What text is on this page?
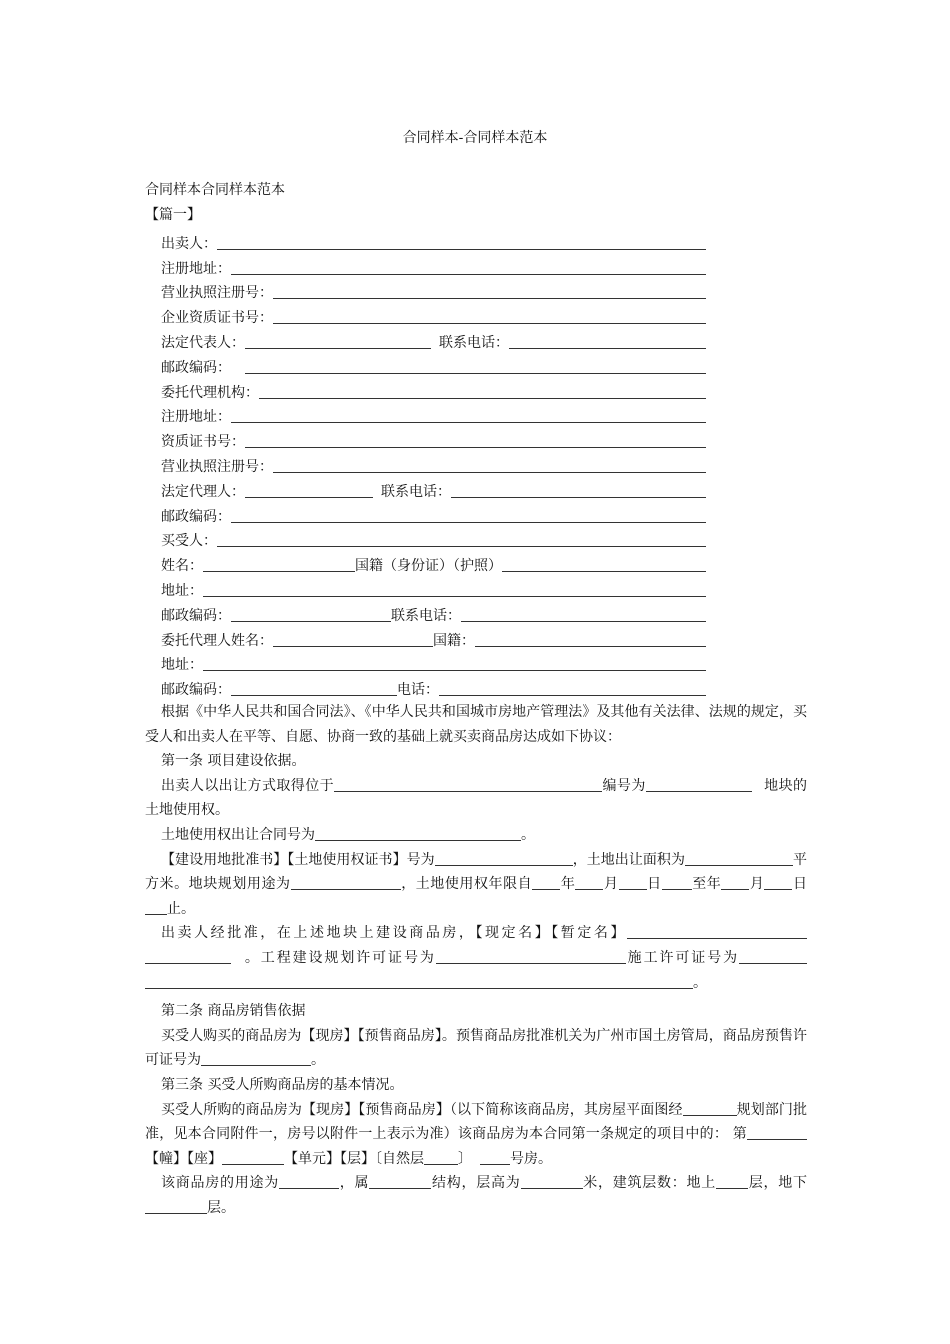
合同样本-合同样本范本
合同样本合同样本范本
【篇一】
出卖人：
注册地址：
营业执照注册号：
企业资质证书号：
法定代表人：	联系电话：
邮政编码：
委托代理机构：
注册地址：
资质证书号：
营业执照注册号：
法定代理人：	联系电话：
邮政编码：
买受人：
姓名：	国籍（身份证）（护照）
地址：
邮政编码：	联系电话：
委托代理人姓名：	国籍：
地址：
邮政编码：	电话：
根据《中华人民共和国合同法》、《中华人民共和国城市房地产管理法》及其他有关法律、法规的规定，买受人和出卖人在平等、自愿、协商一致的基础上就买卖商品房达成如下协议：
第一条 项目建设依据。
出卖人以出让方式取得位于	编号为	地块的土地使用权。
土地使用权出让合同号为	。
【建设用地批准书】【土地使用权证书】号为	，土地出让面积为	平方米。地块规划用途为	，土地使用权年限自 年 月 日 至年 月 日止。
出卖人经批准，在上述地块上建设商品房，【现定名】【暂定名】。工程建设规划许可证号为	施工许可证号为。
第二条 商品房销售依据
买受人购买的商品房为【现房】【预售商品房】。预售商品房批准机关为广州市国土房管局，商品房预售许可证号为	。
第三条 买受人所购商品房的基本情况。
买受人所购的商品房为【现房】【预售商品房】（以下简称该商品房，其房屋平面图经	规划部门批准，见本合同附件一，房号以附件一上表示为准）该商品房为本合同第一条规定的项目中的： 第【幢】【座】	【单元】【层】〔自然层 〕	号房。
该商品房的用途为	，属	结构，层高为	米，建筑层数：地上 层，地下层。
